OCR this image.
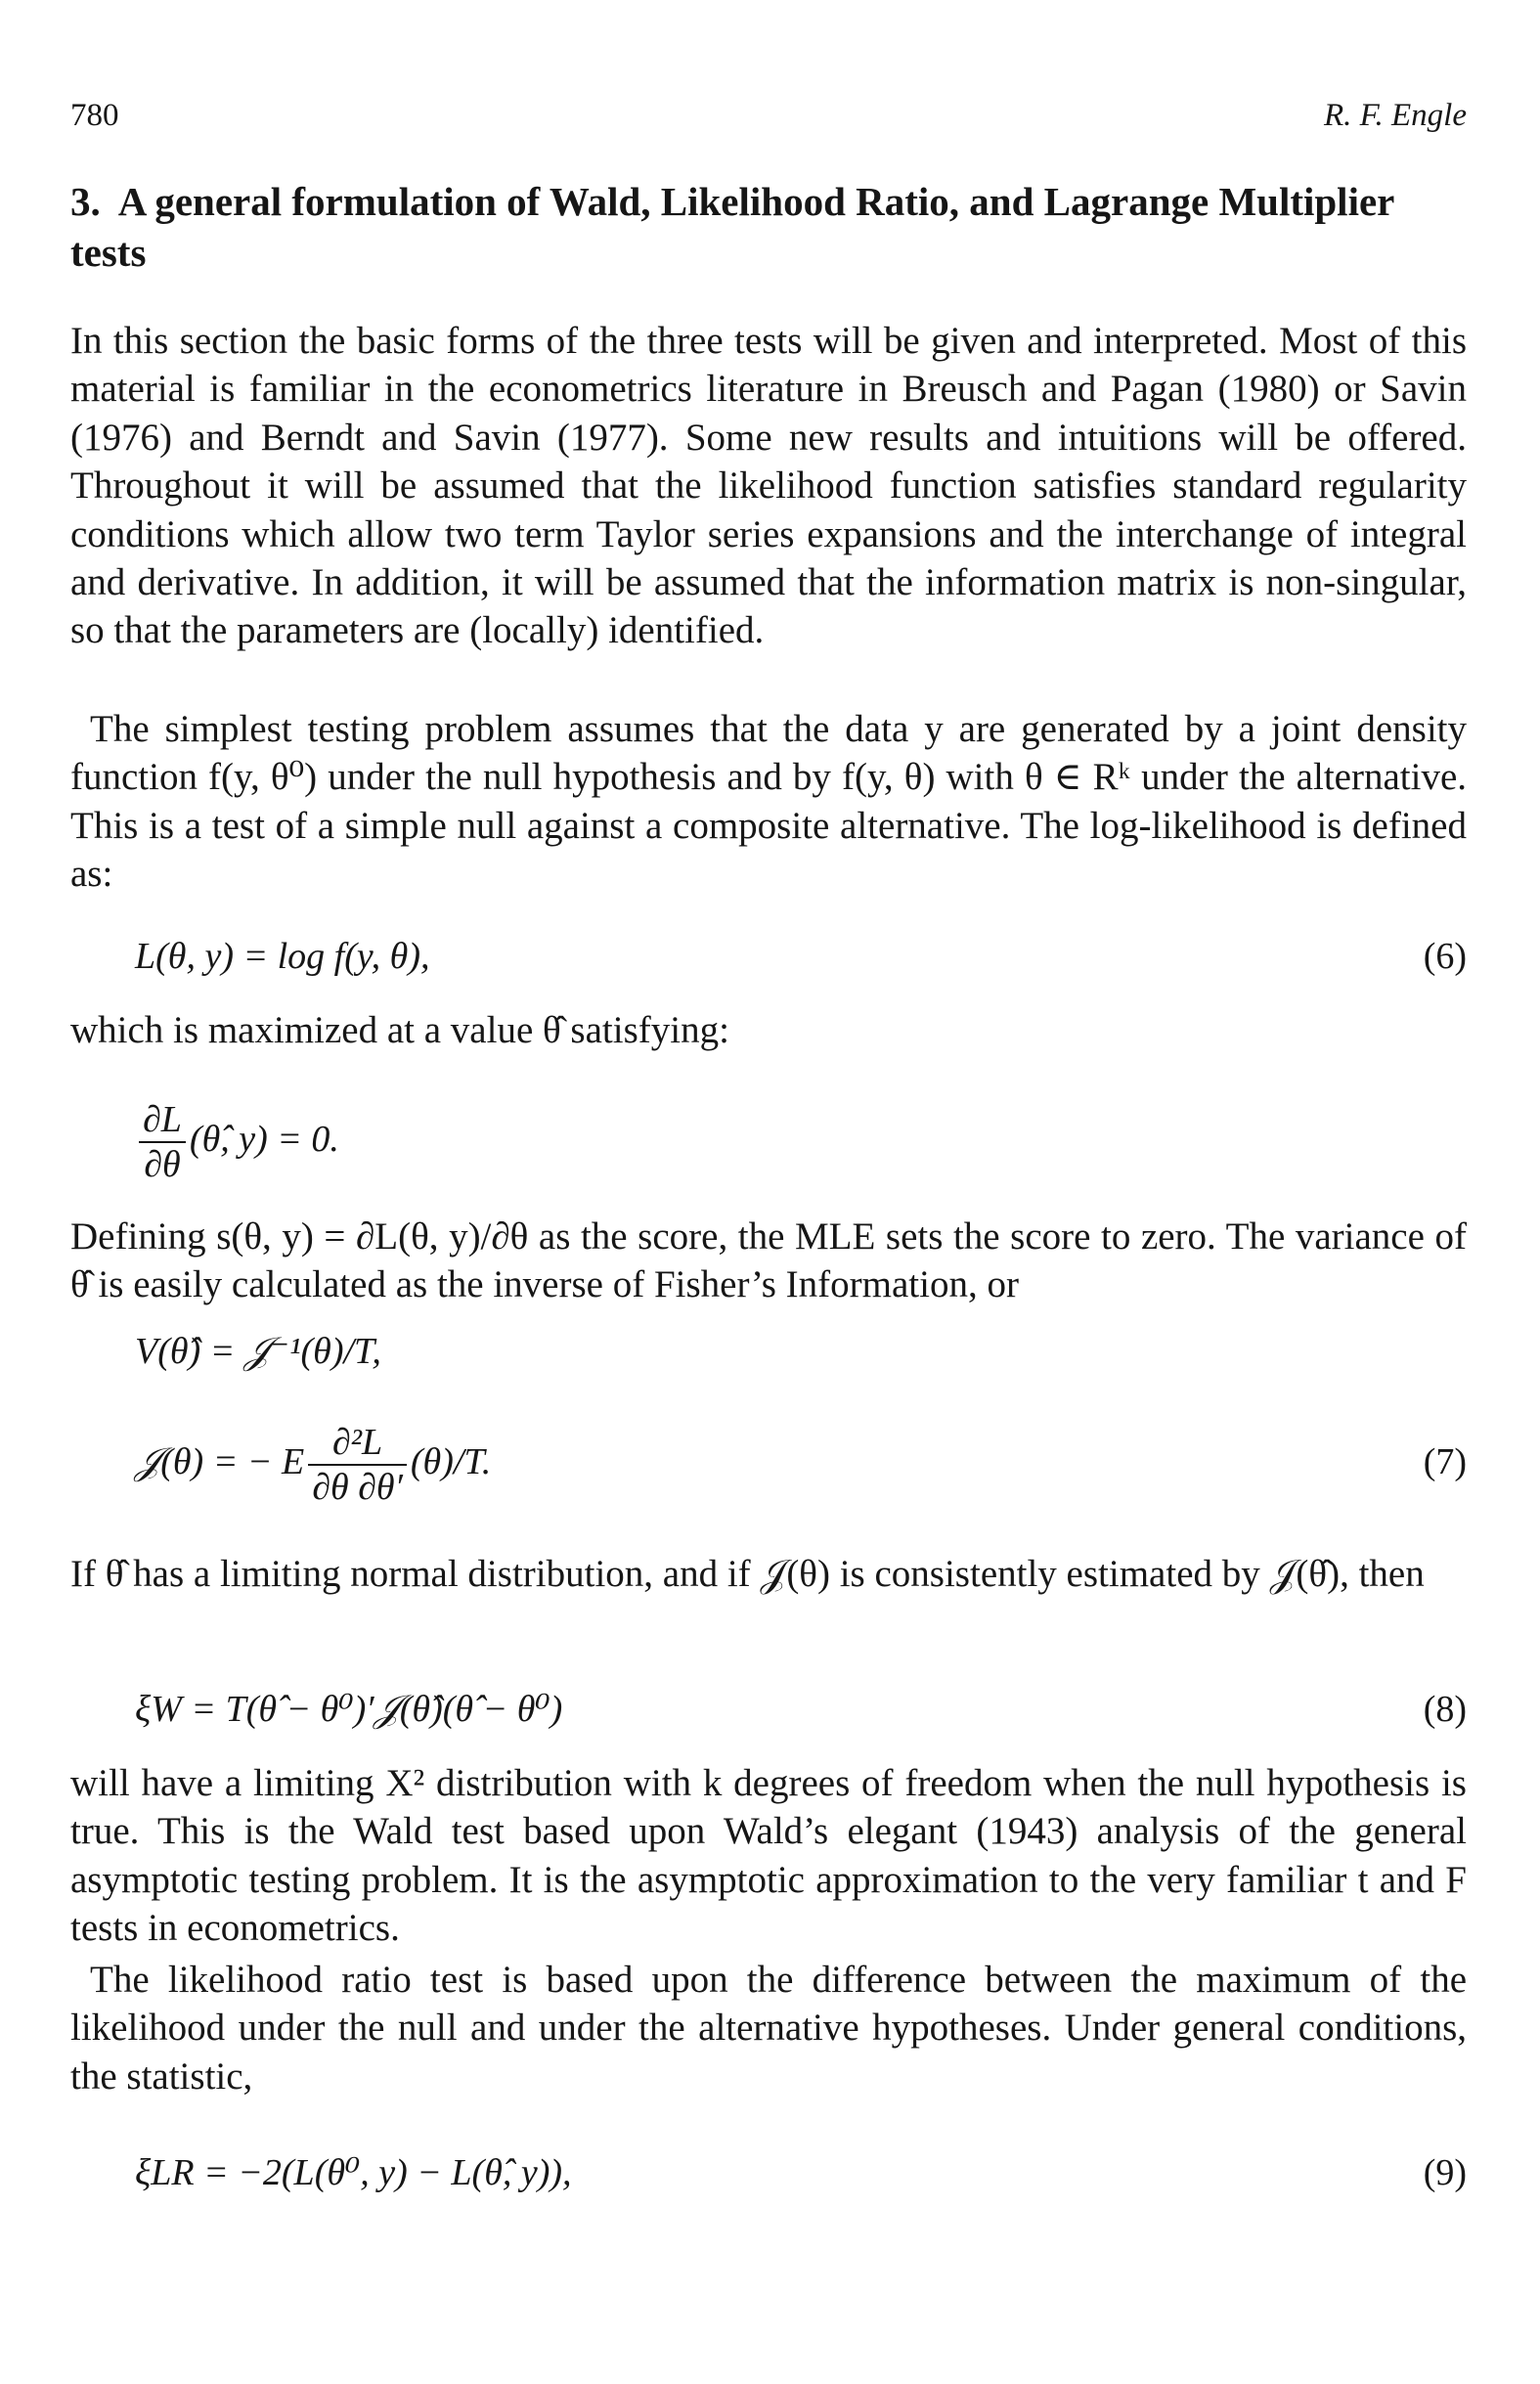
780	R. F. Engle
3. A general formulation of Wald, Likelihood Ratio, and Lagrange Multiplier tests

In this section the basic forms of the three tests will be given and interpreted. Most of this material is familiar in the econometrics literature in Breusch and Pagan (1980) or Savin (1976) and Berndt and Savin (1977). Some new results and intuitions will be offered. Throughout it will be assumed that the likelihood function satisfies standard regularity conditions which allow two term Taylor series expansions and the interchange of integral and derivative. In addition, it will be assumed that the information matrix is non-singular, so that the parameters are (locally) identified.

The simplest testing problem assumes that the data y are generated by a joint density function f(y, θ⁰) under the null hypothesis and by f(y, θ) with θ ∈ Rᵏ under the alternative. This is a test of a simple null against a composite alternative. The log-likelihood is defined as:

L(θ, y) = log f(y, θ),	(6)

which is maximized at a value θ̂ satisfying:

$\frac{\partial L}{\partial\theta}$ (θ̂, y) = 0.

Defining s(θ, y) = ∂L(θ, y)/∂θ as the score, the MLE sets the score to zero. The variance of θ̂ is easily calculated as the inverse of Fisher’s Information, or

V(θ̂) = 𝒥⁻¹(θ)/T,
𝒥(θ) = − E $\frac{\text{∂²L}}{\partial\theta \partial\theta'} (\theta)/T$.	(7)

If θ̂ has a limiting normal distribution, and if 𝒥(θ) is consistently estimated by 𝒥(θ̂), then

ξW = T(θ̂ − θ⁰)′𝒥(θ̂)(θ̂ − θ⁰)	(8)

will have a limiting X² distribution with k degrees of freedom when the null hypothesis is true. This is the Wald test based upon Wald’s elegant (1943) analysis of the general asymptotic testing problem. It is the asymptotic approximation to the very familiar t and F tests in econometrics.

The likelihood ratio test is based upon the difference between the maximum of the likelihood under the null and under the alternative hypotheses. Under general conditions, the statistic,

ξLR = −2(L(θ⁰, y) − L(θ̂, y)),	(9)
